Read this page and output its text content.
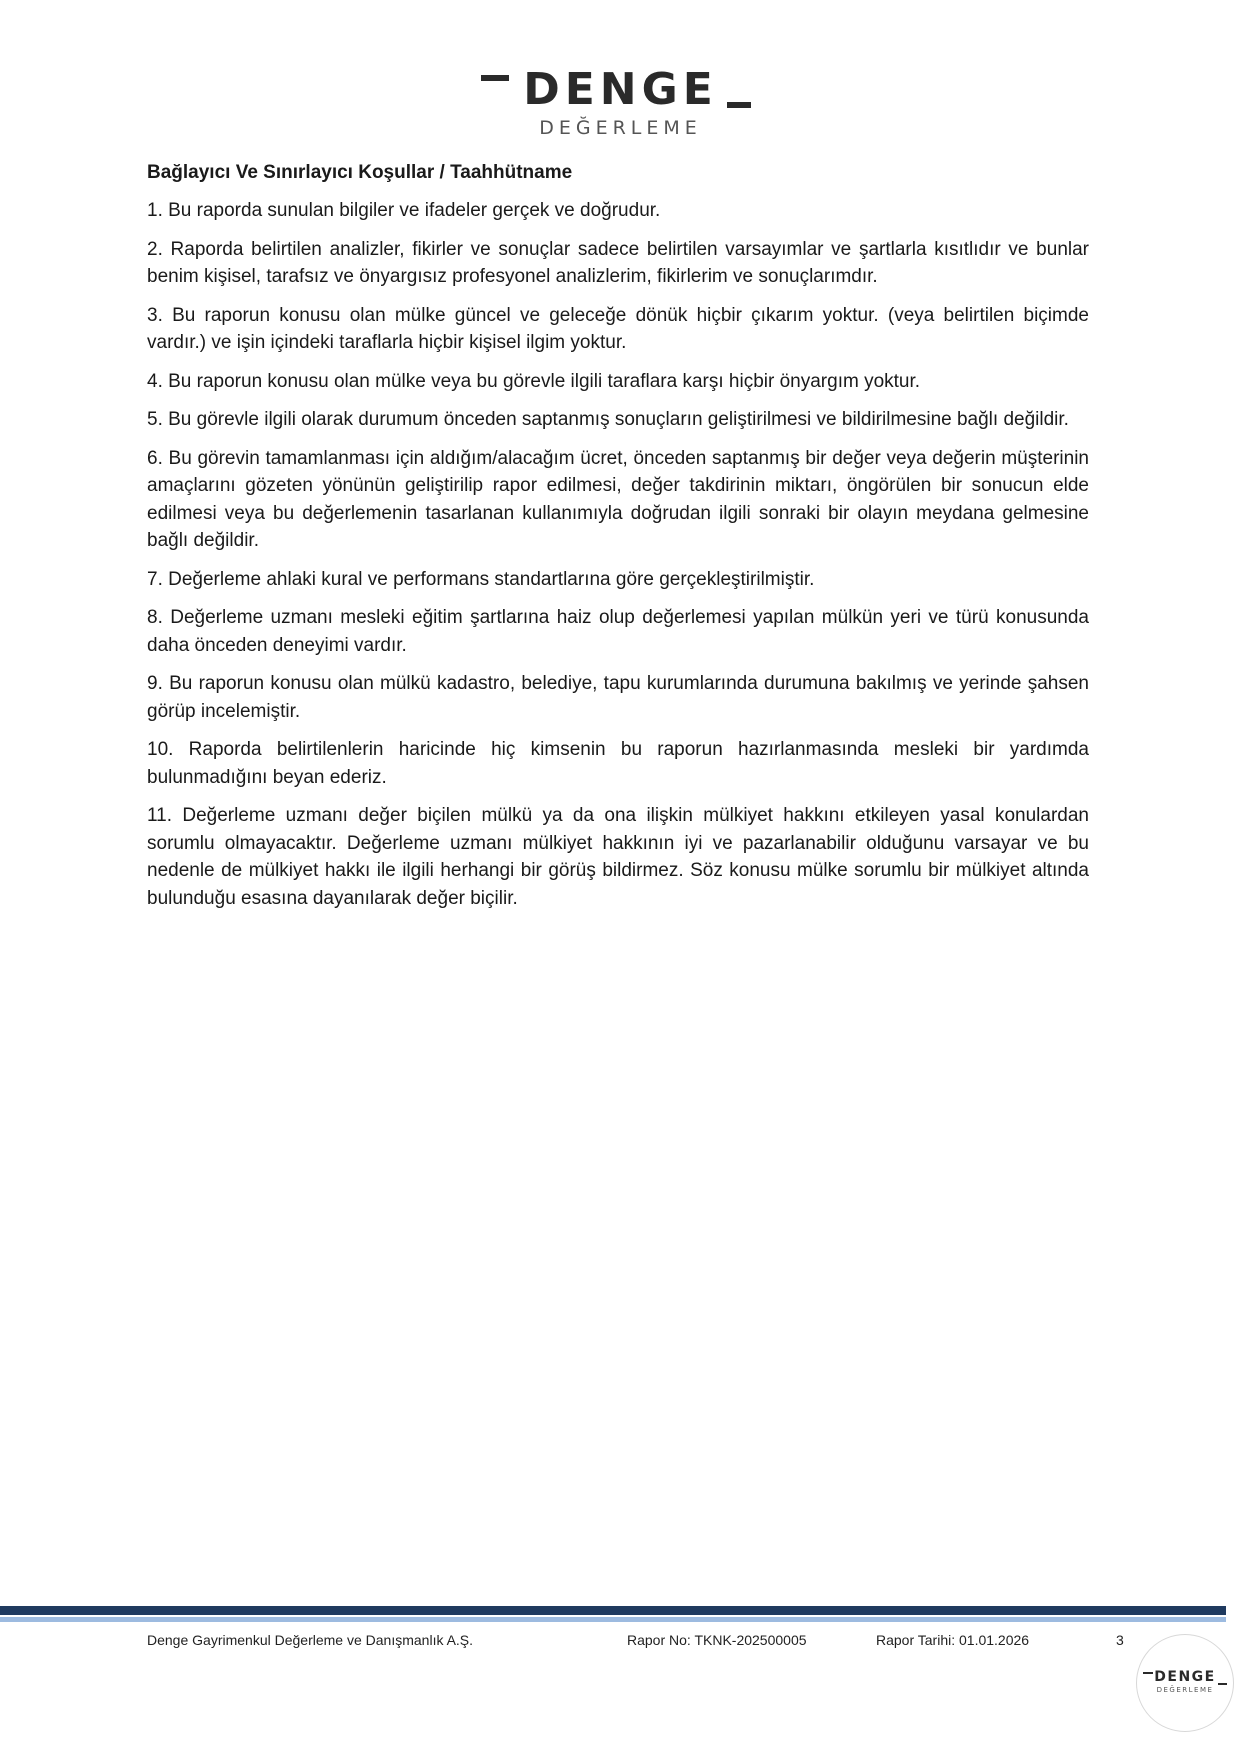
DENGE
DEĞERLEME
Bağlayıcı Ve Sınırlayıcı Koşullar / Taahhütname

1. Bu raporda sunulan bilgiler ve ifadeler gerçek ve doğrudur.

2. Raporda belirtilen analizler, fikirler ve sonuçlar sadece belirtilen varsayımlar ve şartlarla kısıtlıdır ve bunlar benim kişisel, tarafsız ve önyargısız profesyonel analizlerim, fikirlerim ve sonuçlarımdır.

3. Bu raporun konusu olan mülke güncel ve geleceğe dönük hiçbir çıkarım yoktur. (veya belirtilen biçimde vardır.) ve işin içindeki taraflarla hiçbir kişisel ilgim yoktur.

4. Bu raporun konusu olan mülke veya bu görevle ilgili taraflara karşı hiçbir önyargım yoktur.

5. Bu görevle ilgili olarak durumum önceden saptanmış sonuçların geliştirilmesi ve bildirilmesine bağlı değildir.

6. Bu görevin tamamlanması için aldığım/alacağım ücret, önceden saptanmış bir değer veya değerin müşterinin amaçlarını gözeten yönünün geliştirilip rapor edilmesi, değer takdirinin miktarı, öngörülen bir sonucun elde edilmesi veya bu değerlemenin tasarlanan kullanımıyla doğrudan ilgili sonraki bir olayın meydana gelmesine bağlı değildir.

7. Değerleme ahlaki kural ve performans standartlarına göre gerçekleştirilmiştir.

8. Değerleme uzmanı mesleki eğitim şartlarına haiz olup değerlemesi yapılan mülkün yeri ve türü konusunda daha önceden deneyimi vardır.

9. Bu raporun konusu olan mülkü kadastro, belediye, tapu kurumlarında durumuna bakılmış ve yerinde şahsen görüp incelemiştir.

10. Raporda belirtilenlerin haricinde hiç kimsenin bu raporun hazırlanmasında mesleki bir yardımda bulunmadığını beyan ederiz.

11. Değerleme uzmanı değer biçilen mülkü ya da ona ilişkin mülkiyet hakkını etkileyen yasal konulardan sorumlu olmayacaktır. Değerleme uzmanı mülkiyet hakkının iyi ve pazarlanabilir olduğunu varsayar ve bu nedenle de mülkiyet hakkı ile ilgili herhangi bir görüş bildirmez. Söz konusu mülke sorumlu bir mülkiyet altında bulunduğu esasına dayanılarak değer biçilir.

Denge Gayrimenkul Değerleme ve Danışmanlık A.Ş.	Rapor No: TKNK-202500005	Rapor Tarihi: 01.01.2026	3
DENGE
DEĞERLEME
